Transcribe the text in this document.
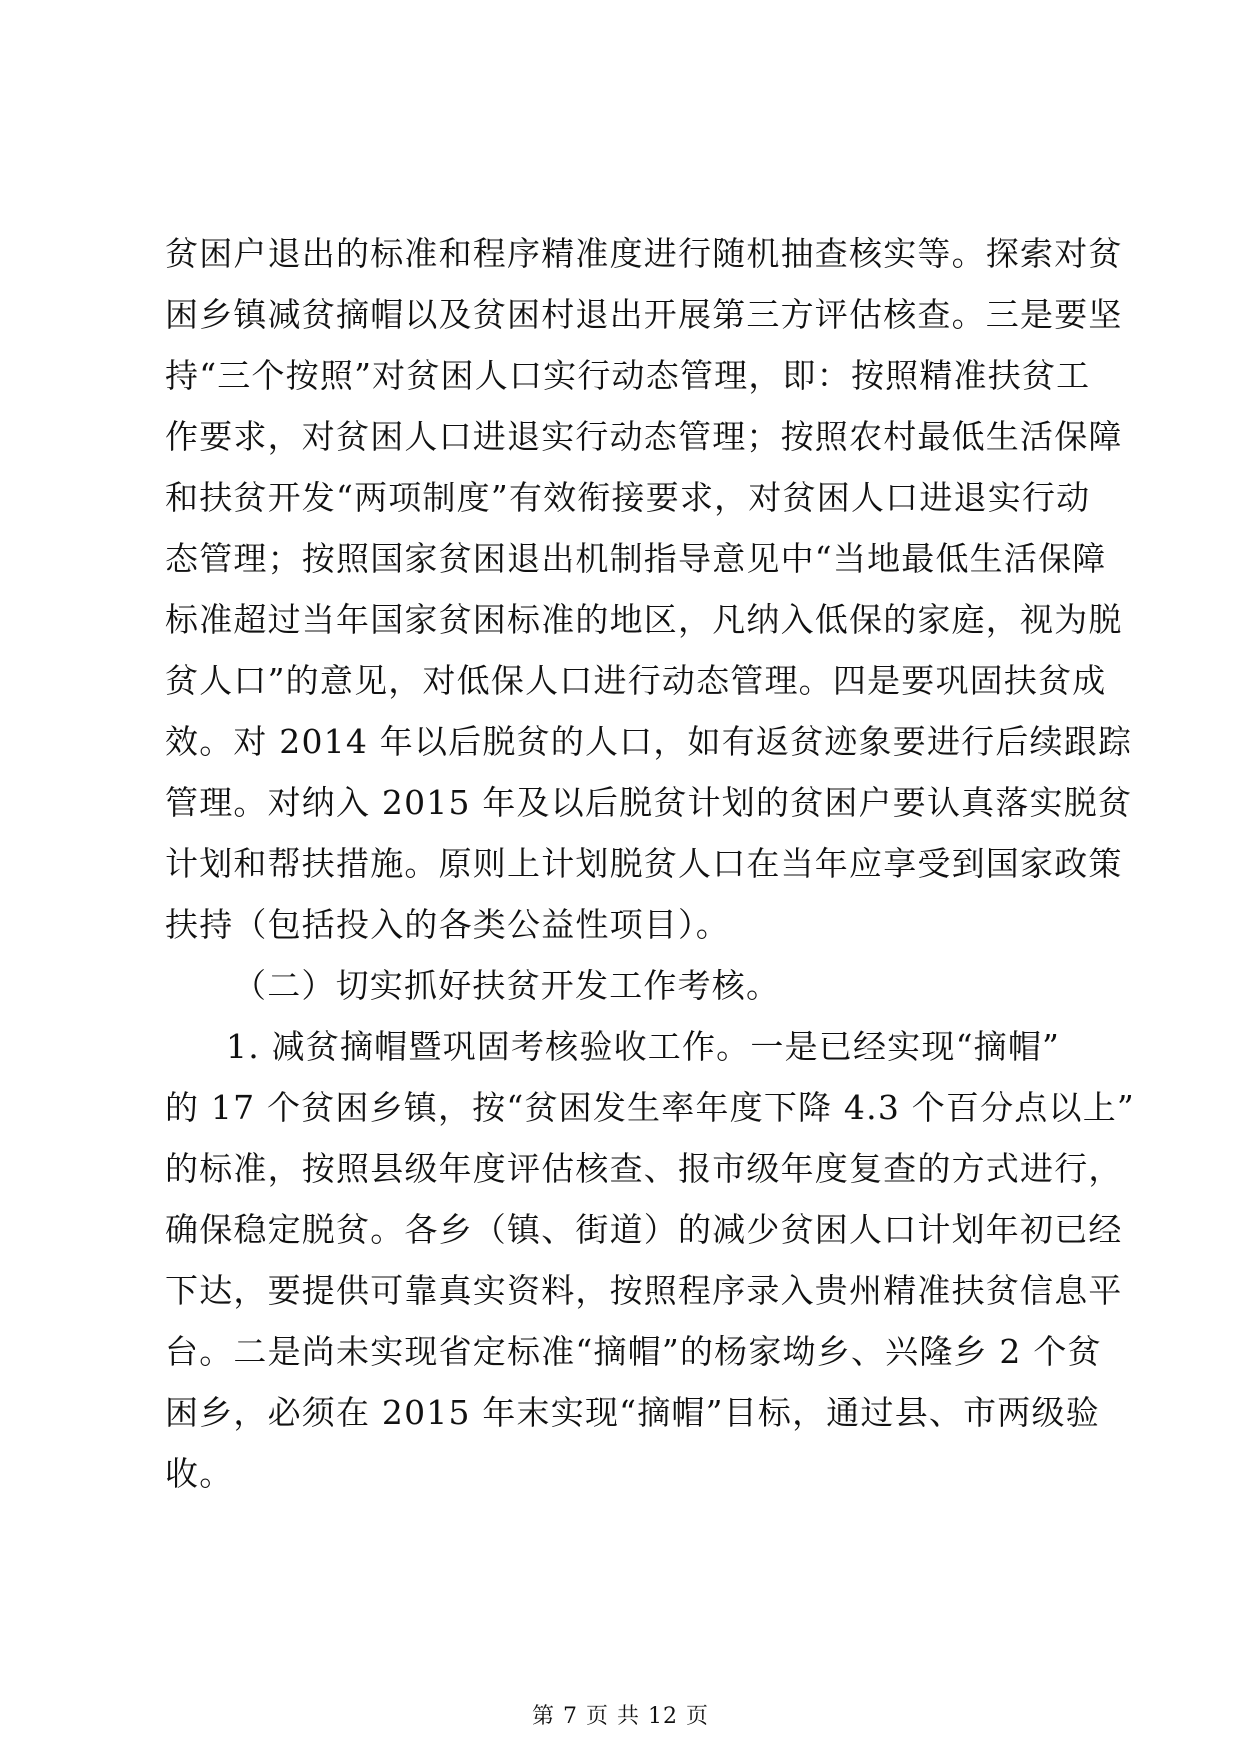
贫困户退出的标准和程序精准度进行随机抽查核实等。探索对贫
困乡镇减贫摘帽以及贫困村退出开展第三方评估核查。三是要坚
持“三个按照”对贫困人口实行动态管理，即：按照精准扶贫工
作要求，对贫困人口进退实行动态管理；按照农村最低生活保障
和扶贫开发“两项制度”有效衔接要求，对贫困人口进退实行动
态管理；按照国家贫困退出机制指导意见中“当地最低生活保障
标准超过当年国家贫困标准的地区，凡纳入低保的家庭，视为脱
贫人口”的意见，对低保人口进行动态管理。四是要巩固扶贫成
效。对 2014 年以后脱贫的人口，如有返贫迹象要进行后续跟踪
管理。对纳入 2015 年及以后脱贫计划的贫困户要认真落实脱贫
计划和帮扶措施。原则上计划脱贫人口在当年应享受到国家政策
扶持（包括投入的各类公益性项目）。
（二）切实抓好扶贫开发工作考核。
1. 减贫摘帽暨巩固考核验收工作。一是已经实现“摘帽”
的 17 个贫困乡镇，按“贫困发生率年度下降 4.3 个百分点以上”
的标准，按照县级年度评估核查、报市级年度复查的方式进行，
确保稳定脱贫。各乡（镇、街道）的减少贫困人口计划年初已经
下达，要提供可靠真实资料，按照程序录入贵州精准扶贫信息平
台。二是尚未实现省定标准“摘帽”的杨家坳乡、兴隆乡 2 个贫
困乡，必须在 2015 年末实现“摘帽”目标，通过县、市两级验
收。
第 7 页 共 12 页
